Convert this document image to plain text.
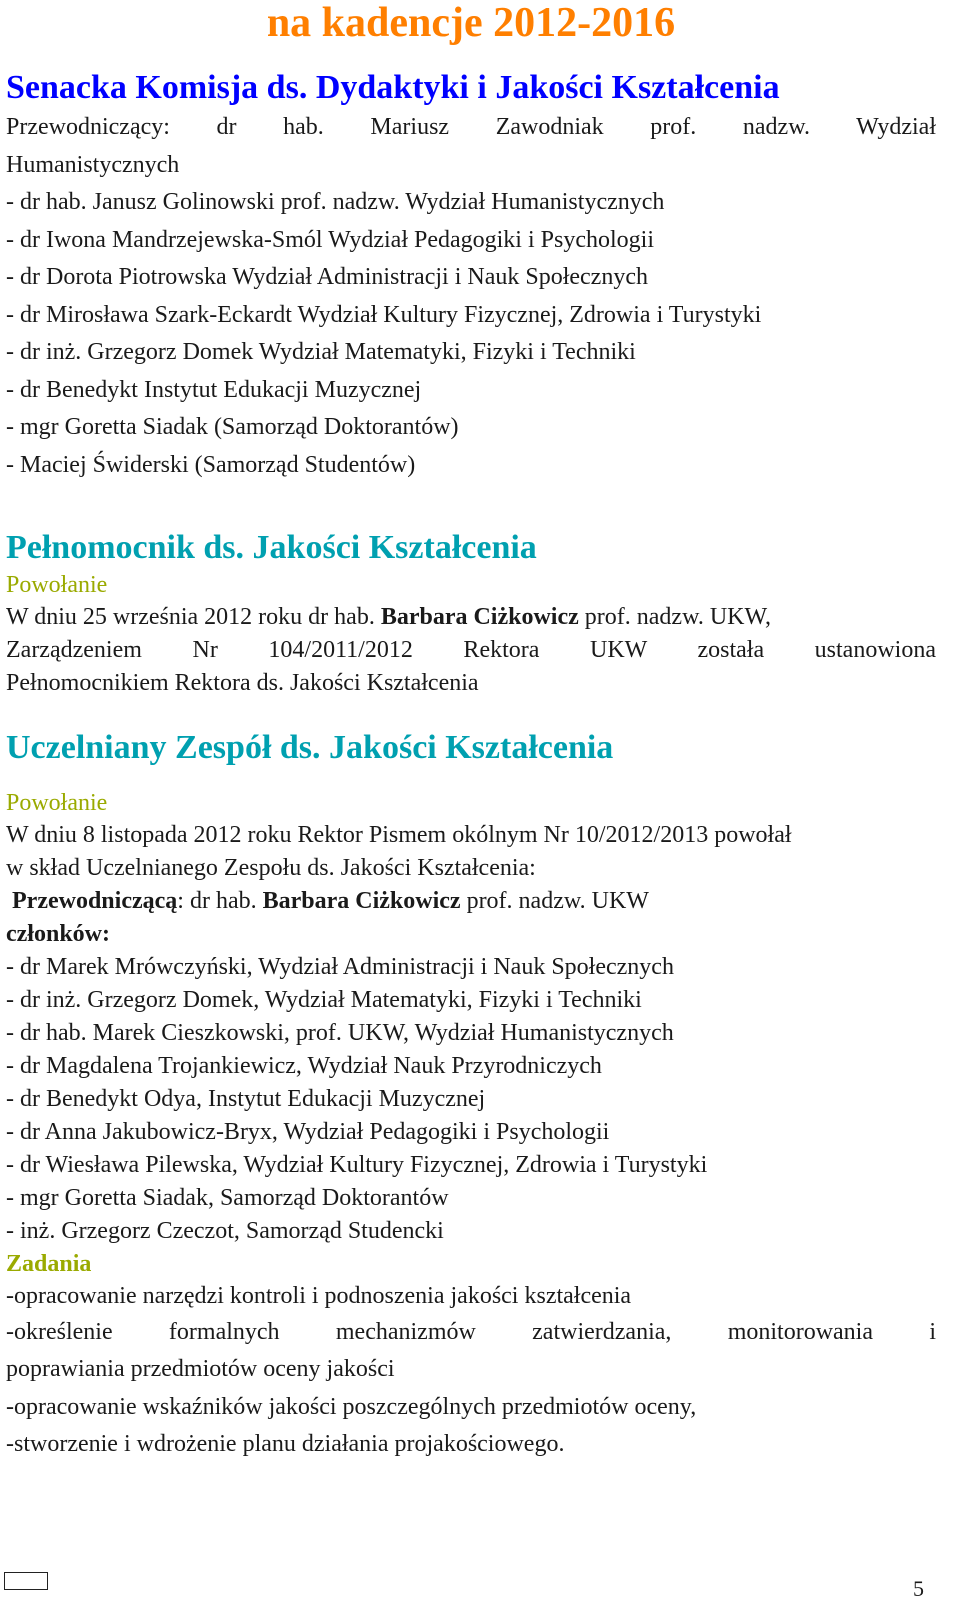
na kadencje 2012-2016
Senacka Komisja ds. Dydaktyki i Jakości Kształcenia

Przewodniczący: dr hab. Mariusz Zawodniak prof. nadzw. Wydział

Humanistycznych

- dr hab. Janusz Golinowski prof. nadzw. Wydział Humanistycznych

- dr Iwona Mandrzejewska-Smól Wydział Pedagogiki i Psychologii

- dr Dorota Piotrowska Wydział Administracji i Nauk Społecznych

- dr Mirosława Szark-Eckardt Wydział Kultury Fizycznej, Zdrowia i Turystyki

- dr inż. Grzegorz Domek Wydział Matematyki, Fizyki i Techniki

- dr Benedykt Instytut Edukacji Muzycznej

- mgr Goretta Siadak (Samorząd Doktorantów)

- Maciej Świderski (Samorząd Studentów)

Pełnomocnik ds. Jakości Kształcenia

Powołanie

W dniu 25 września 2012 roku dr hab. Barbara Ciżkowicz prof. nadzw. UKW,

Zarządzeniem Nr 104/2011/2012 Rektora UKW została ustanowiona

Pełnomocnikiem Rektora ds. Jakości Kształcenia

Uczelniany Zespół ds. Jakości Kształcenia

Powołanie

W dniu 8 listopada 2012 roku Rektor Pismem okólnym Nr 10/2012/2013 powołał

w skład Uczelnianego Zespołu ds. Jakości Kształcenia:

Przewodniczącą: dr hab. Barbara Ciżkowicz prof. nadzw. UKW

członków:

- dr Marek Mrówczyński, Wydział Administracji i Nauk Społecznych

- dr inż. Grzegorz Domek, Wydział Matematyki, Fizyki i Techniki

- dr hab. Marek Cieszkowski, prof. UKW, Wydział Humanistycznych

- dr Magdalena Trojankiewicz, Wydział Nauk Przyrodniczych

- dr Benedykt Odya, Instytut Edukacji Muzycznej

- dr Anna Jakubowicz-Bryx, Wydział Pedagogiki i Psychologii

- dr Wiesława Pilewska, Wydział Kultury Fizycznej, Zdrowia i Turystyki

- mgr Goretta Siadak, Samorząd Doktorantów

- inż. Grzegorz Czeczot, Samorząd Studencki

Zadania

-opracowanie narzędzi kontroli i podnoszenia jakości kształcenia

-określenie formalnych mechanizmów zatwierdzania, monitorowania i

poprawiania przedmiotów oceny jakości

-opracowanie wskaźników jakości poszczególnych przedmiotów oceny,

-stworzenie i wdrożenie planu działania projakościowego.

5
